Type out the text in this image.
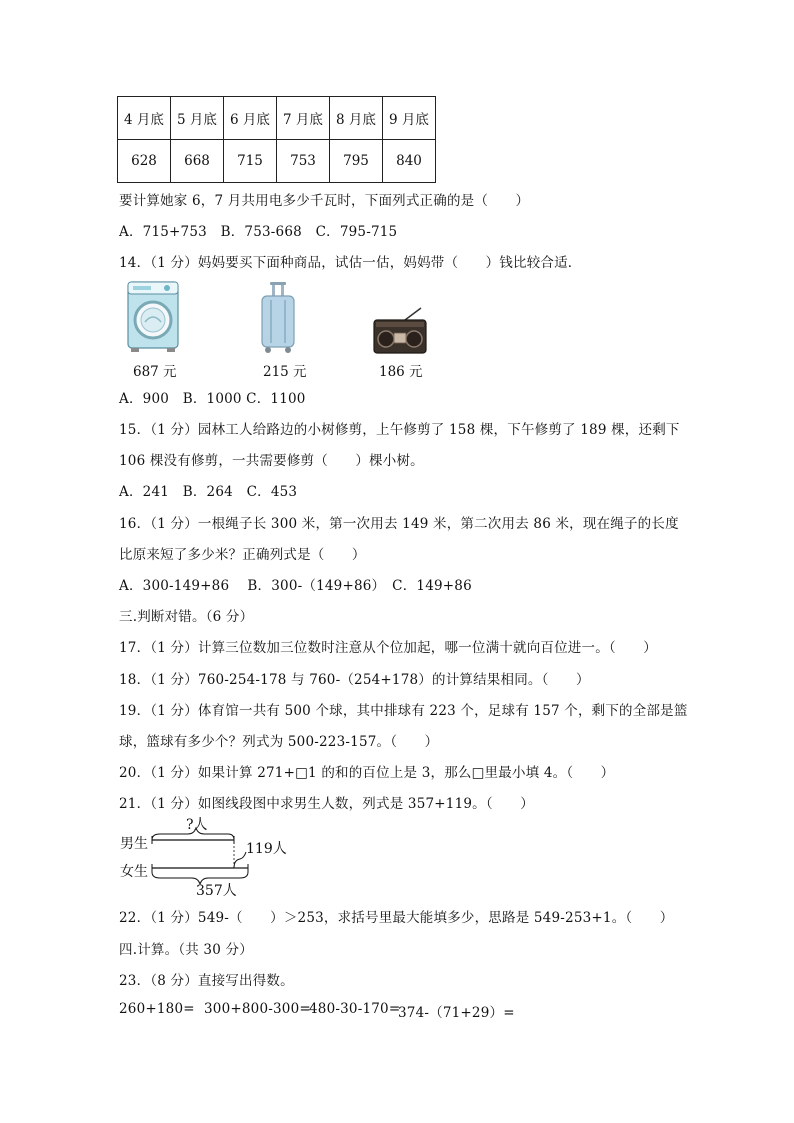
4 月底	5 月底	6 月底	7 月底	8 月底	9 月底
628	668	715	753	795	840
要计算她家 6，7 月共用电多少千瓦时，下面列式正确的是（　　）
A．715+753　B．753-668　C．795-715
14．（1 分）妈妈要买下面种商品，试估一估，妈妈带（　　）钱比较合适．
687 元	215 元	186 元
A．900　B．1000 C．1100
15．（1 分）园林工人给路边的小树修剪，上午修剪了 158 棵，下午修剪了 189 棵，还剩下
106 棵没有修剪，一共需要修剪（　　）棵小树。
A．241　B．264　C．453
16．（1 分）一根绳子长 300 米，第一次用去 149 米，第二次用去 86 米，现在绳子的长度
比原来短了多少米？正确列式是（　　）
A．300-149+86　 B．300-（149+86）　C．149+86
三.判断对错。（6 分）
17．（1 分）计算三位数加三位数时注意从个位加起，哪一位满十就向百位进一。（　　）
18．（1 分）760-254-178 与 760-（254+178）的计算结果相同。（　　）
19．（1 分）体育馆一共有 500 个球，其中排球有 223 个，足球有 157 个，剩下的全部是篮
球，篮球有多少个？列式为 500-223-157。（　　）
20．（1 分）如果计算 271+□1 的和的百位上是 3，那么□里最小填 4。（　　）
21．（1 分）如图线段图中求男生人数，列式是 357+119。（　　）
男生
女生
?人
119人
357人
22．（1 分）549-（　　）＞253，求括号里最大能填多少，思路是 549-253+1。（　　）
四.计算。（共 30 分）
23．（8 分）直接写出得数。
260+180= 300+800-300=
480-30-170=
374-（71+29）=
